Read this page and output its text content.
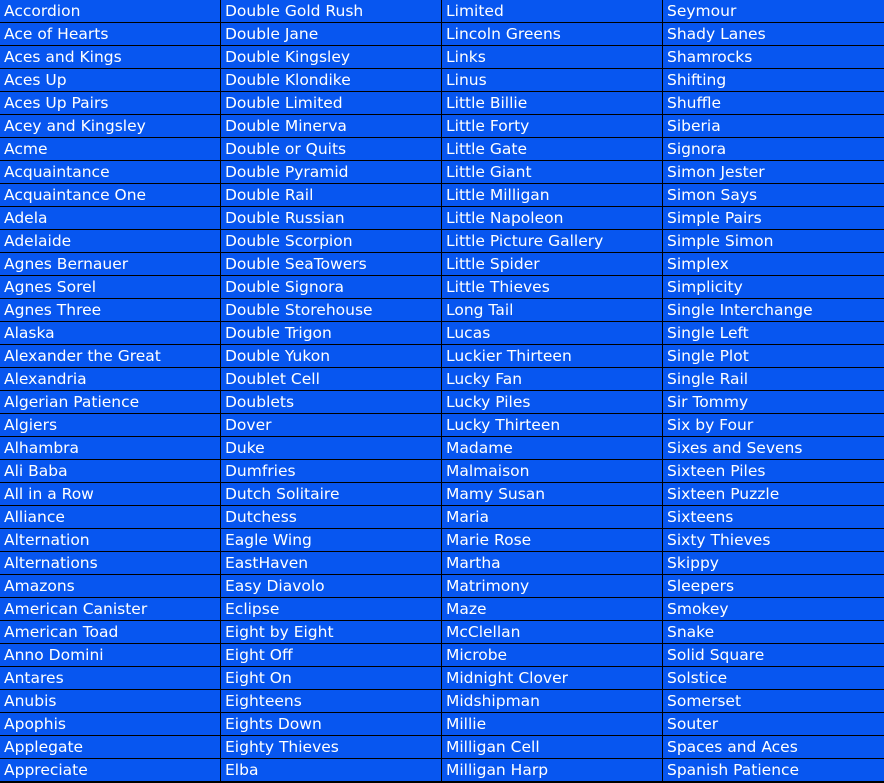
Accordion	Double Gold Rush	Limited	Seymour
Ace of Hearts	Double Jane	Lincoln Greens	Shady Lanes
Aces and Kings	Double Kingsley	Links	Shamrocks
Aces Up	Double Klondike	Linus	Shifting
Aces Up Pairs	Double Limited	Little Billie	Shuffle
Acey and Kingsley	Double Minerva	Little Forty	Siberia
Acme	Double or Quits	Little Gate	Signora
Acquaintance	Double Pyramid	Little Giant	Simon Jester
Acquaintance One	Double Rail	Little Milligan	Simon Says
Adela	Double Russian	Little Napoleon	Simple Pairs
Adelaide	Double Scorpion	Little Picture Gallery	Simple Simon
Agnes Bernauer	Double SeaTowers	Little Spider	Simplex
Agnes Sorel	Double Signora	Little Thieves	Simplicity
Agnes Three	Double Storehouse	Long Tail	Single Interchange
Alaska	Double Trigon	Lucas	Single Left
Alexander the Great	Double Yukon	Luckier Thirteen	Single Plot
Alexandria	Doublet Cell	Lucky Fan	Single Rail
Algerian Patience	Doublets	Lucky Piles	Sir Tommy
Algiers	Dover	Lucky Thirteen	Six by Four
Alhambra	Duke	Madame	Sixes and Sevens
Ali Baba	Dumfries	Malmaison	Sixteen Piles
All in a Row	Dutch Solitaire	Mamy Susan	Sixteen Puzzle
Alliance	Dutchess	Maria	Sixteens
Alternation	Eagle Wing	Marie Rose	Sixty Thieves
Alternations	EastHaven	Martha	Skippy
Amazons	Easy Diavolo	Matrimony	Sleepers
American Canister	Eclipse	Maze	Smokey
American Toad	Eight by Eight	McClellan	Snake
Anno Domini	Eight Off	Microbe	Solid Square
Antares	Eight On	Midnight Clover	Solstice
Anubis	Eighteens	Midshipman	Somerset
Apophis	Eights Down	Millie	Souter
Applegate	Eighty Thieves	Milligan Cell	Spaces and Aces
Appreciate	Elba	Milligan Harp	Spanish Patience
